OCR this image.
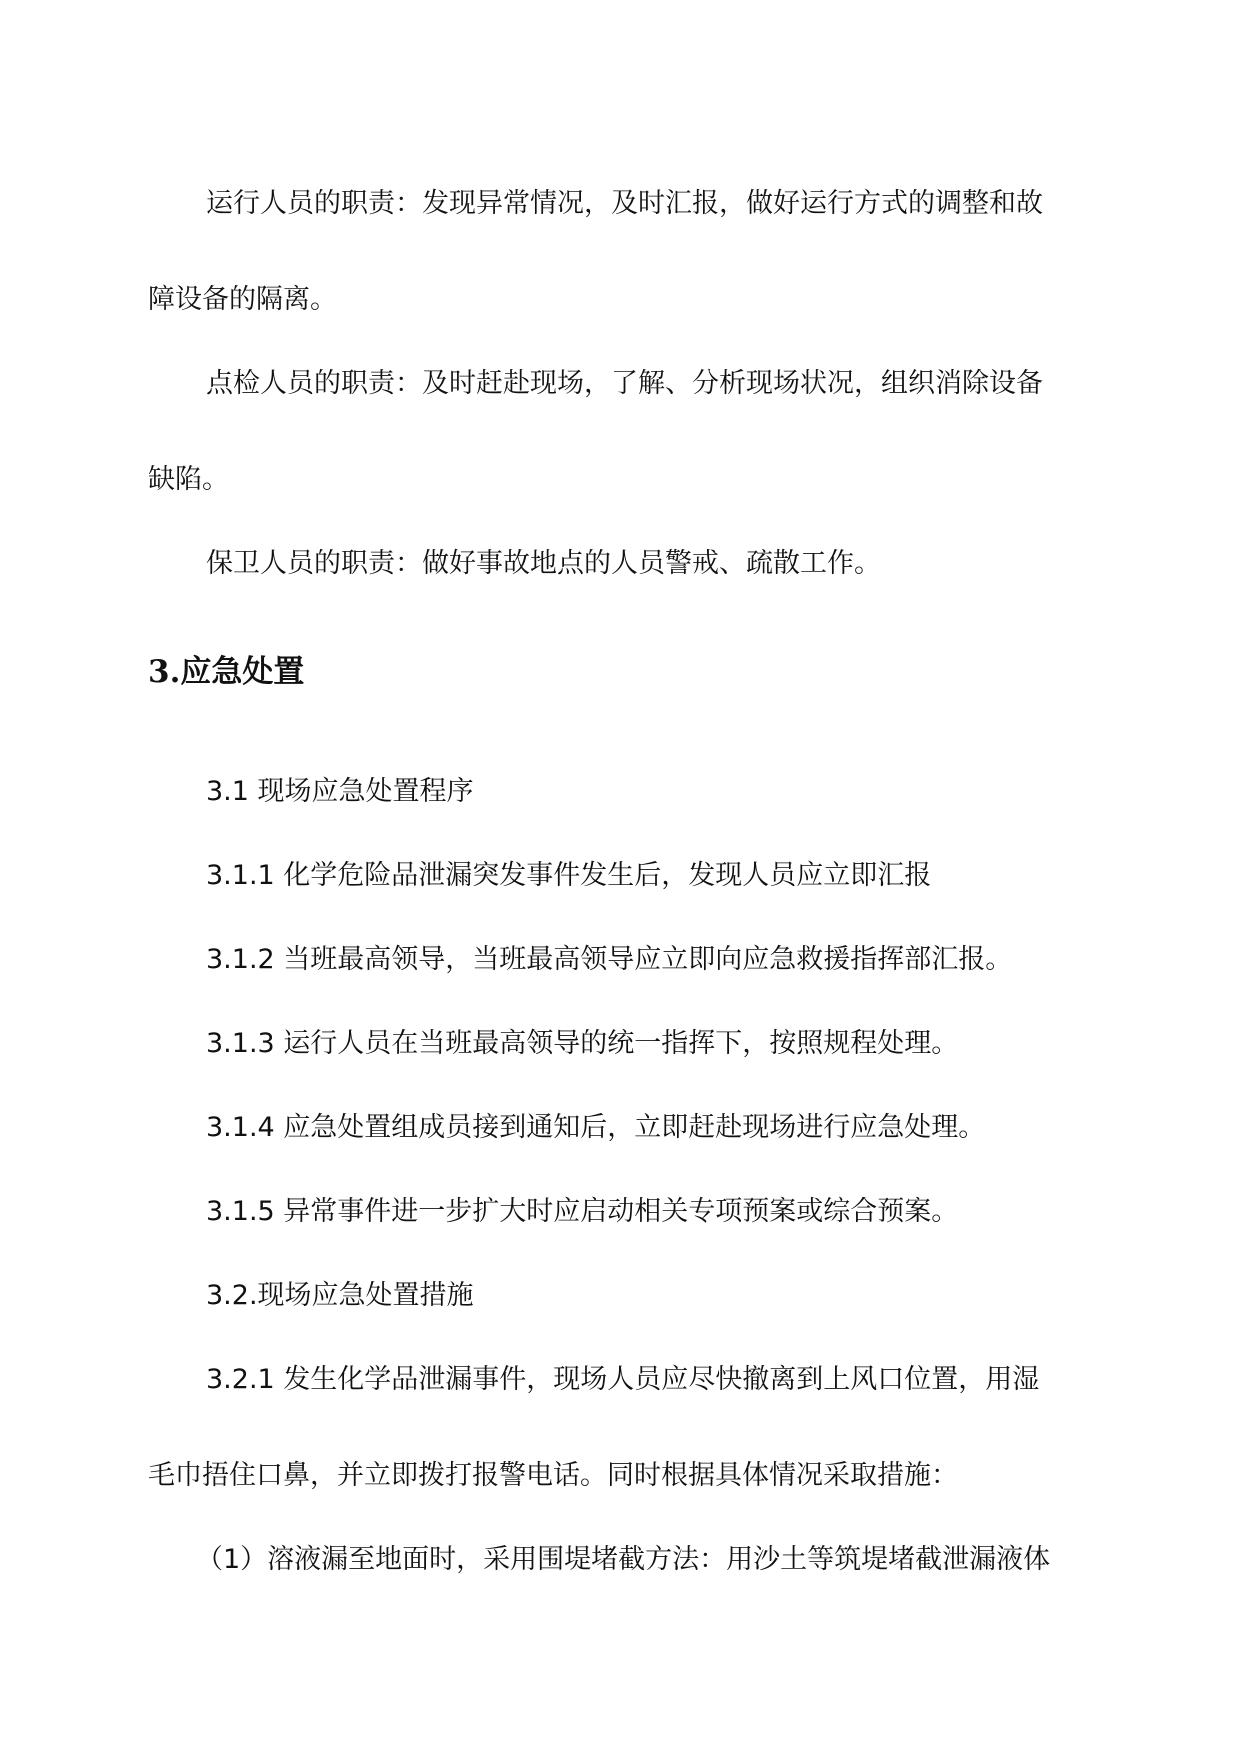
运行人员的职责：发现异常情况，及时汇报，做好运行方式的调整和故
障设备的隔离。
点检人员的职责：及时赶赴现场，了解、分析现场状况，组织消除设备
缺陷。
保卫人员的职责：做好事故地点的人员警戒、疏散工作。
3.应急处置
3.1 现场应急处置程序
3.1.1 化学危险品泄漏突发事件发生后，发现人员应立即汇报
3.1.2 当班最高领导，当班最高领导应立即向应急救援指挥部汇报。
3.1.3 运行人员在当班最高领导的统一指挥下，按照规程处理。
3.1.4 应急处置组成员接到通知后，立即赶赴现场进行应急处理。
3.1.5 异常事件进一步扩大时应启动相关专项预案或综合预案。
3.2.现场应急处置措施
3.2.1 发生化学品泄漏事件，现场人员应尽快撤离到上风口位置，用湿
毛巾捂住口鼻，并立即拨打报警电话。同时根据具体情况采取措施：
（1）溶液漏至地面时，采用围堤堵截方法：用沙土等筑堤堵截泄漏液体
